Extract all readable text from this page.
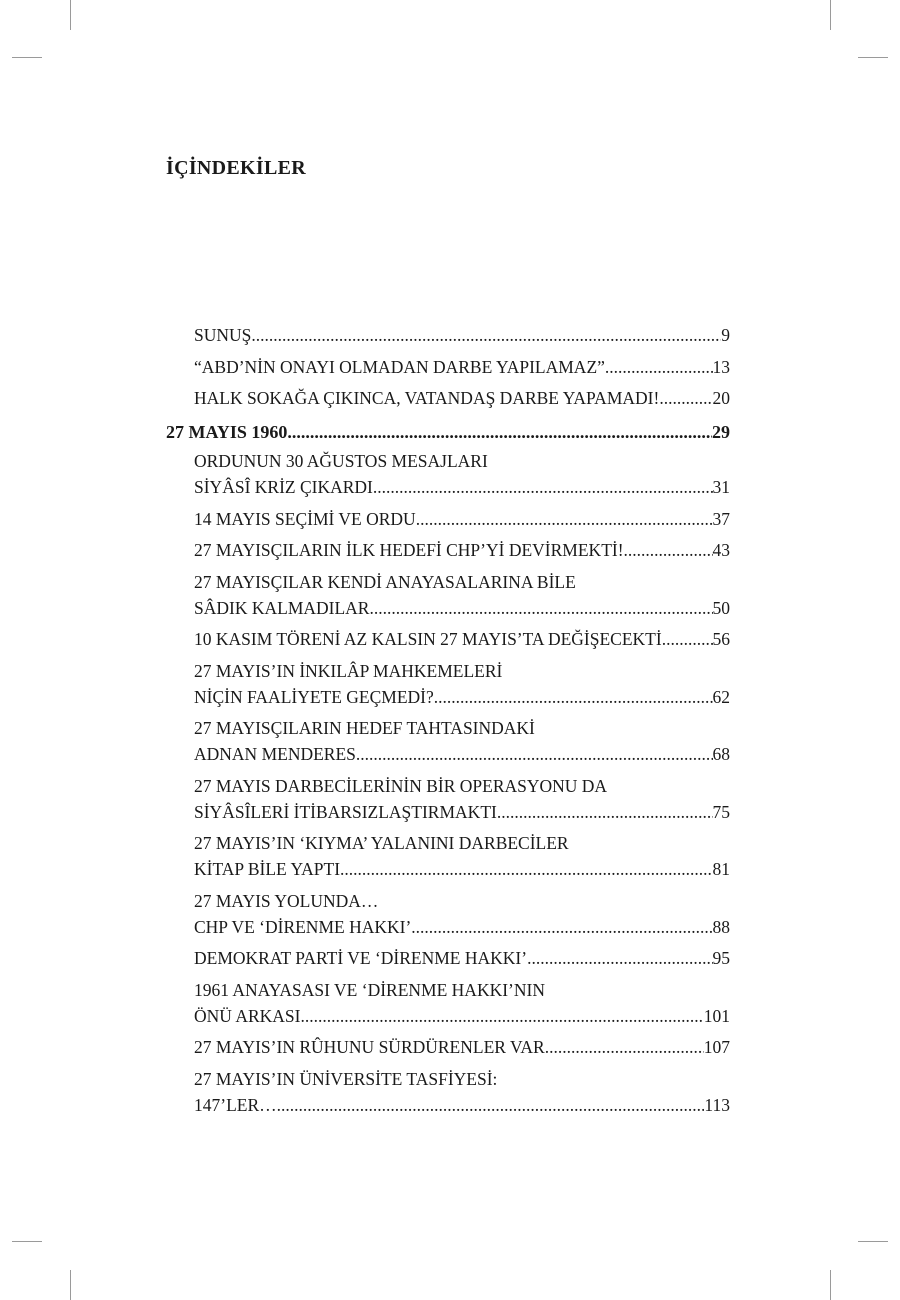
İÇİNDEKİLER
SUNUŞ .....	9
“ABD’NİN ONAYI OLMADAN DARBE YAPILAMAZ” .....	13
HALK SOKAĞA ÇIKINCA, VATANDAŞ DARBE YAPAMADI! .....	20
27 MAYIS 1960 .....	29
ORDUNUN 30 AĞUSTOS MESAJLARI
SİYÂSÎ KRİZ ÇIKARDI .....	31
14 MAYIS SEÇİMİ VE ORDU .....	37
27 MAYISÇILARIN İLK HEDEFİ CHP’Yİ DEVİRMEKTİ! .....	43
27 MAYISÇILAR KENDİ ANAYASALARINA BİLE
SÂDIK KALMADILAR .....	50
10 KASIM TÖRENİ AZ KALSIN 27 MAYIS’TA DEĞİŞECEKTİ .....	56
27 MAYIS’IN İNKILÂP MAHKEMELERİ
NİÇİN FAALİYETE GEÇMEDİ? .....	62
27 MAYISÇILARIN HEDEF TAHTASINDAKİ
ADNAN MENDERES .....	68
27 MAYIS DARBECİLERİNİN BİR OPERASYONU DA
SİYÂSÎLERİ İTİBARSIZLAŞTIRMAKTI .....	75
27 MAYIS’IN ‘KIYMA’ YALANINI DARBECİLER
KİTAP BİLE YAPTI .....	81
27 MAYIS YOLUNDA…
CHP VE ‘DİRENME HAKKI’ .....	88
DEMOKRAT PARTİ VE ‘DİRENME HAKKI’ .....	95
1961 ANAYASASI VE ‘DİRENME HAKKI’NIN
ÖNÜ ARKASI .....	101
27 MAYIS’IN RÛHUNU SÜRDÜRENLER VAR .....	107
27 MAYIS’IN ÜNİVERSİTE TASFİYESİ:
147’LER… .....	113
